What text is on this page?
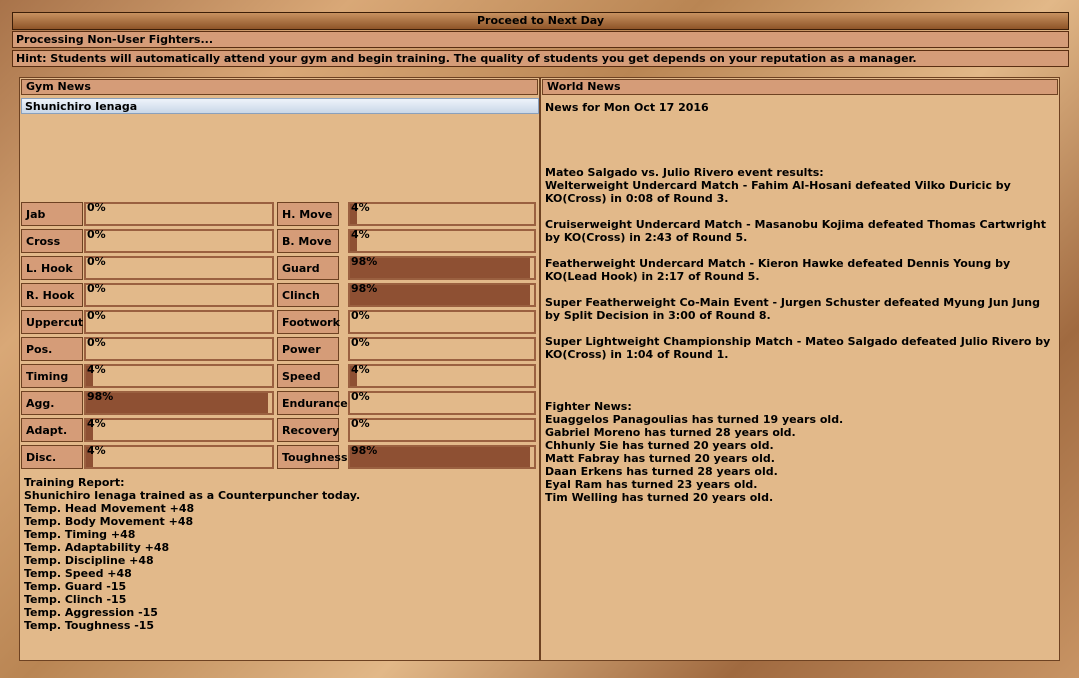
Proceed to Next Day
Processing Non-User Fighters...
Hint: Students will automatically attend your gym and begin training. The quality of students you get depends on your reputation as a manager.
Gym News
Shunichiro Ienaga
Jab
0%
Cross
0%
L. Hook
0%
R. Hook
0%
Uppercut
0%
Pos.
0%
Timing
4%
Agg.
98%
Adapt.
4%
Disc.
4%
H. Move
4%
B. Move
4%
Guard
98%
Clinch
98%
Footwork
0%
Power
0%
Speed
4%
Endurance
0%
Recovery
0%
Toughness
98%
Training Report:
Shunichiro Ienaga trained as a Counterpuncher today.
Temp. Head Movement +48
Temp. Body Movement +48
Temp. Timing +48
Temp. Adaptability +48
Temp. Discipline +48
Temp. Speed +48
Temp. Guard -15
Temp. Clinch -15
Temp. Aggression -15
Temp. Toughness -15
World News

News for Mon Oct 17 2016

Mateo Salgado vs. Julio Rivero event results:

Welterweight Undercard Match - Fahim Al-Hosani defeated Vilko Duricic by KO(Cross) in 0:08 of Round 3.

Cruiserweight Undercard Match - Masanobu Kojima defeated Thomas Cartwright by KO(Cross) in 2:43 of Round 5.

Featherweight Undercard Match - Kieron Hawke defeated Dennis Young by KO(Lead Hook) in 2:17 of Round 5.

Super Featherweight Co-Main Event - Jurgen Schuster defeated Myung Jun Jung by Split Decision in 3:00 of Round 8.

Super Lightweight Championship Match - Mateo Salgado defeated Julio Rivero by KO(Cross) in 1:04 of Round 1.

Fighter News:

Euaggelos Panagoulias has turned 19 years old.

Gabriel Moreno has turned 28 years old.

Chhunly Sie has turned 20 years old.

Matt Fabray has turned 20 years old.

Daan Erkens has turned 28 years old.

Eyal Ram has turned 23 years old.

Tim Welling has turned 20 years old.
